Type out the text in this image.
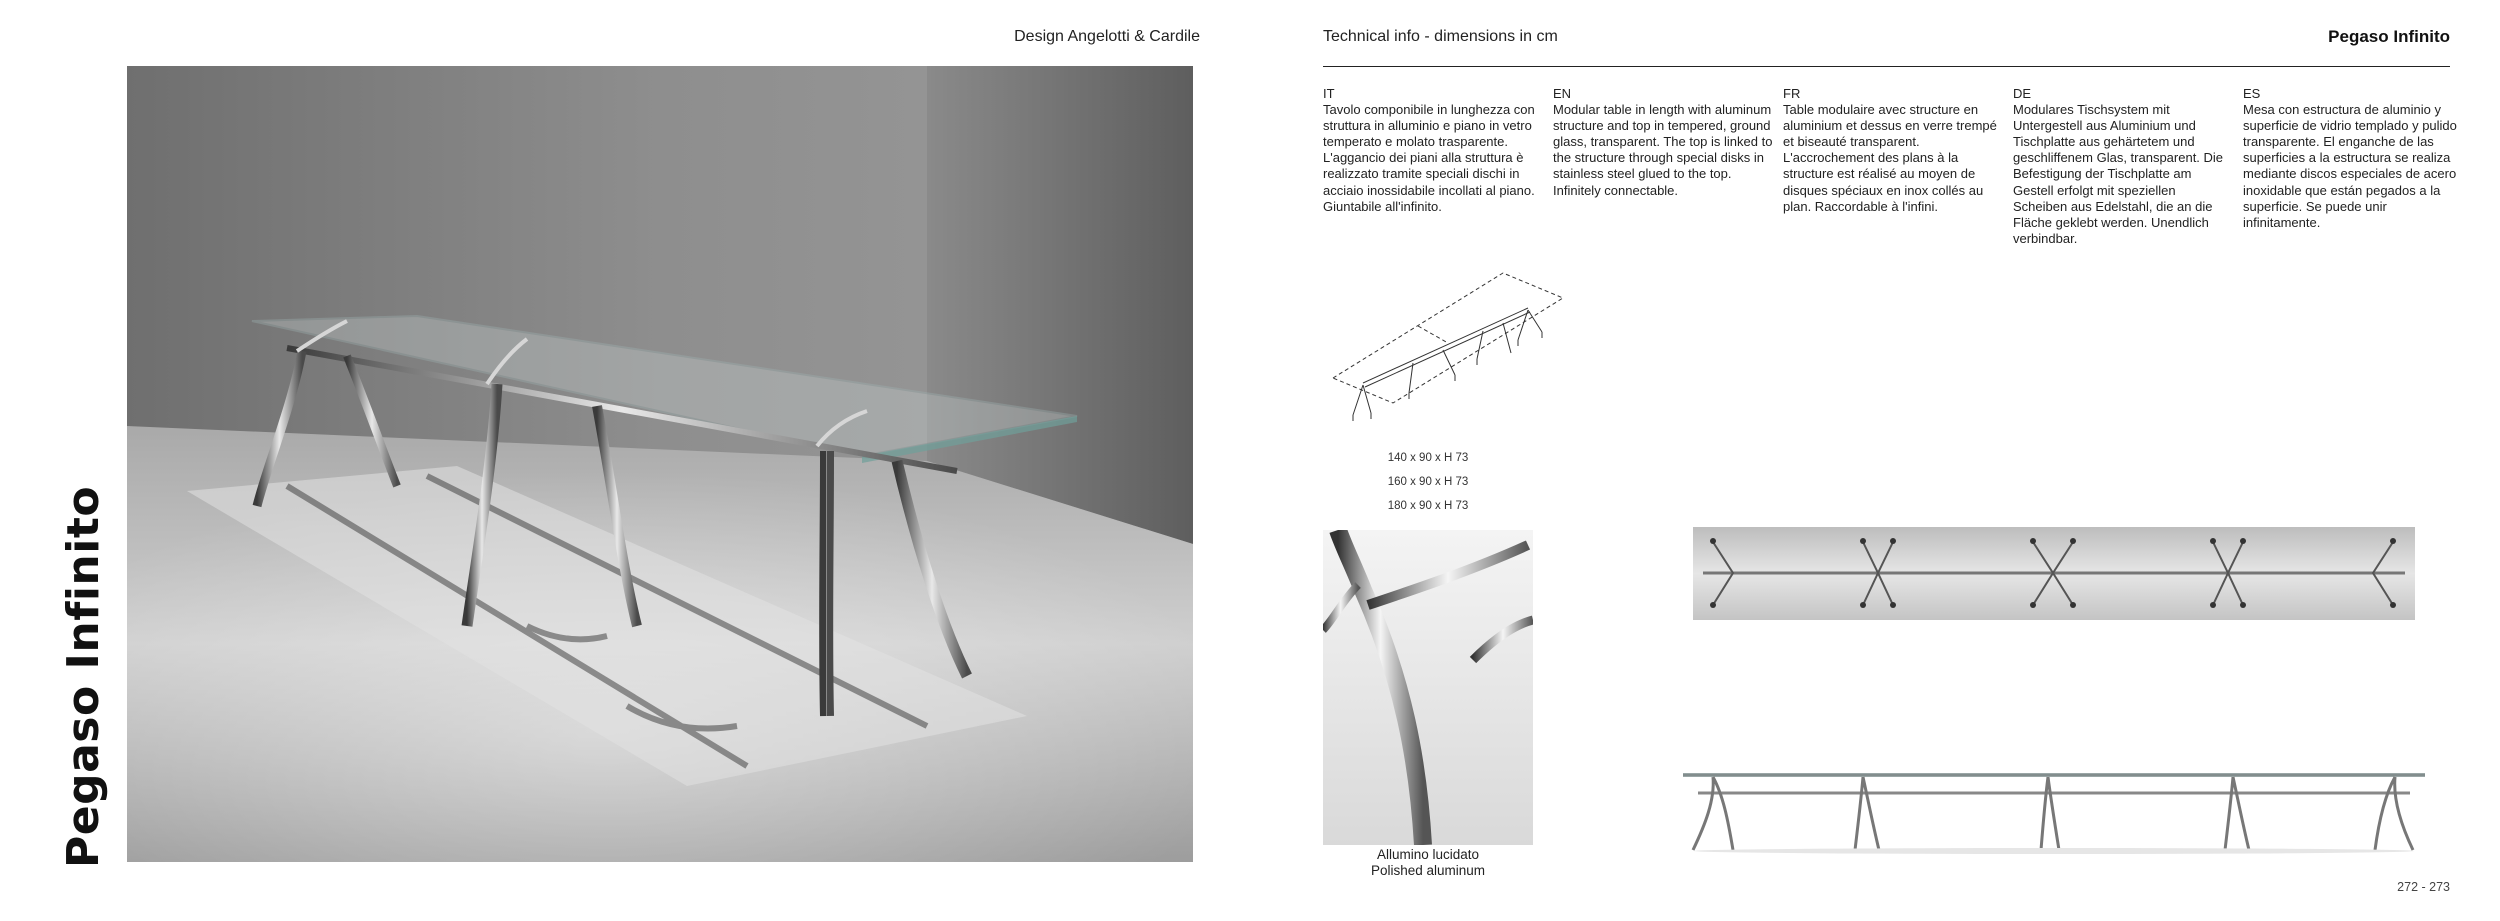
Pegaso Infinito
Design Angelotti & Cardile	Technical info - dimensions in cm	Pegaso Infinito
IT
Tavolo componibile in lunghezza con struttura in alluminio e piano in vetro temperato e molato trasparente. L'aggancio dei piani alla struttura è realizzato tramite speciali dischi in acciaio inossidabile incollati al piano. Giuntabile all'infinito.
EN
Modular table in length with aluminum structure and top in tempered, ground glass, transparent. The top is linked to the structure through special disks in stainless steel glued to the top. Infinitely connectable.
FR
Table modulaire avec structure en aluminium et dessus en verre trempé et biseauté transparent. L'accrochement des plans à la structure est réalisé au moyen de disques spéciaux en inox collés au plan. Raccordable à l'infini.
DE
Modulares Tischsystem mit Untergestell aus Aluminium und Tischplatte aus gehärtetem und geschliffenem Glas, transparent. Die Befestigung der Tischplatte am Gestell erfolgt mit speziellen Scheiben aus Edelstahl, die an die Fläche geklebt werden. Unendlich verbindbar.
ES
Mesa con estructura de aluminio y superficie de vidrio templado y pulido transparente. El enganche de las superficies a la estructura se realiza mediante discos especiales de acero inoxidable que están pegados a la superficie. Se puede unir infinitamente.
140 x 90 x H 73
160 x 90 x H 73
180 x 90 x H 73
Allumino lucidato
Polished aluminum
272 - 273
